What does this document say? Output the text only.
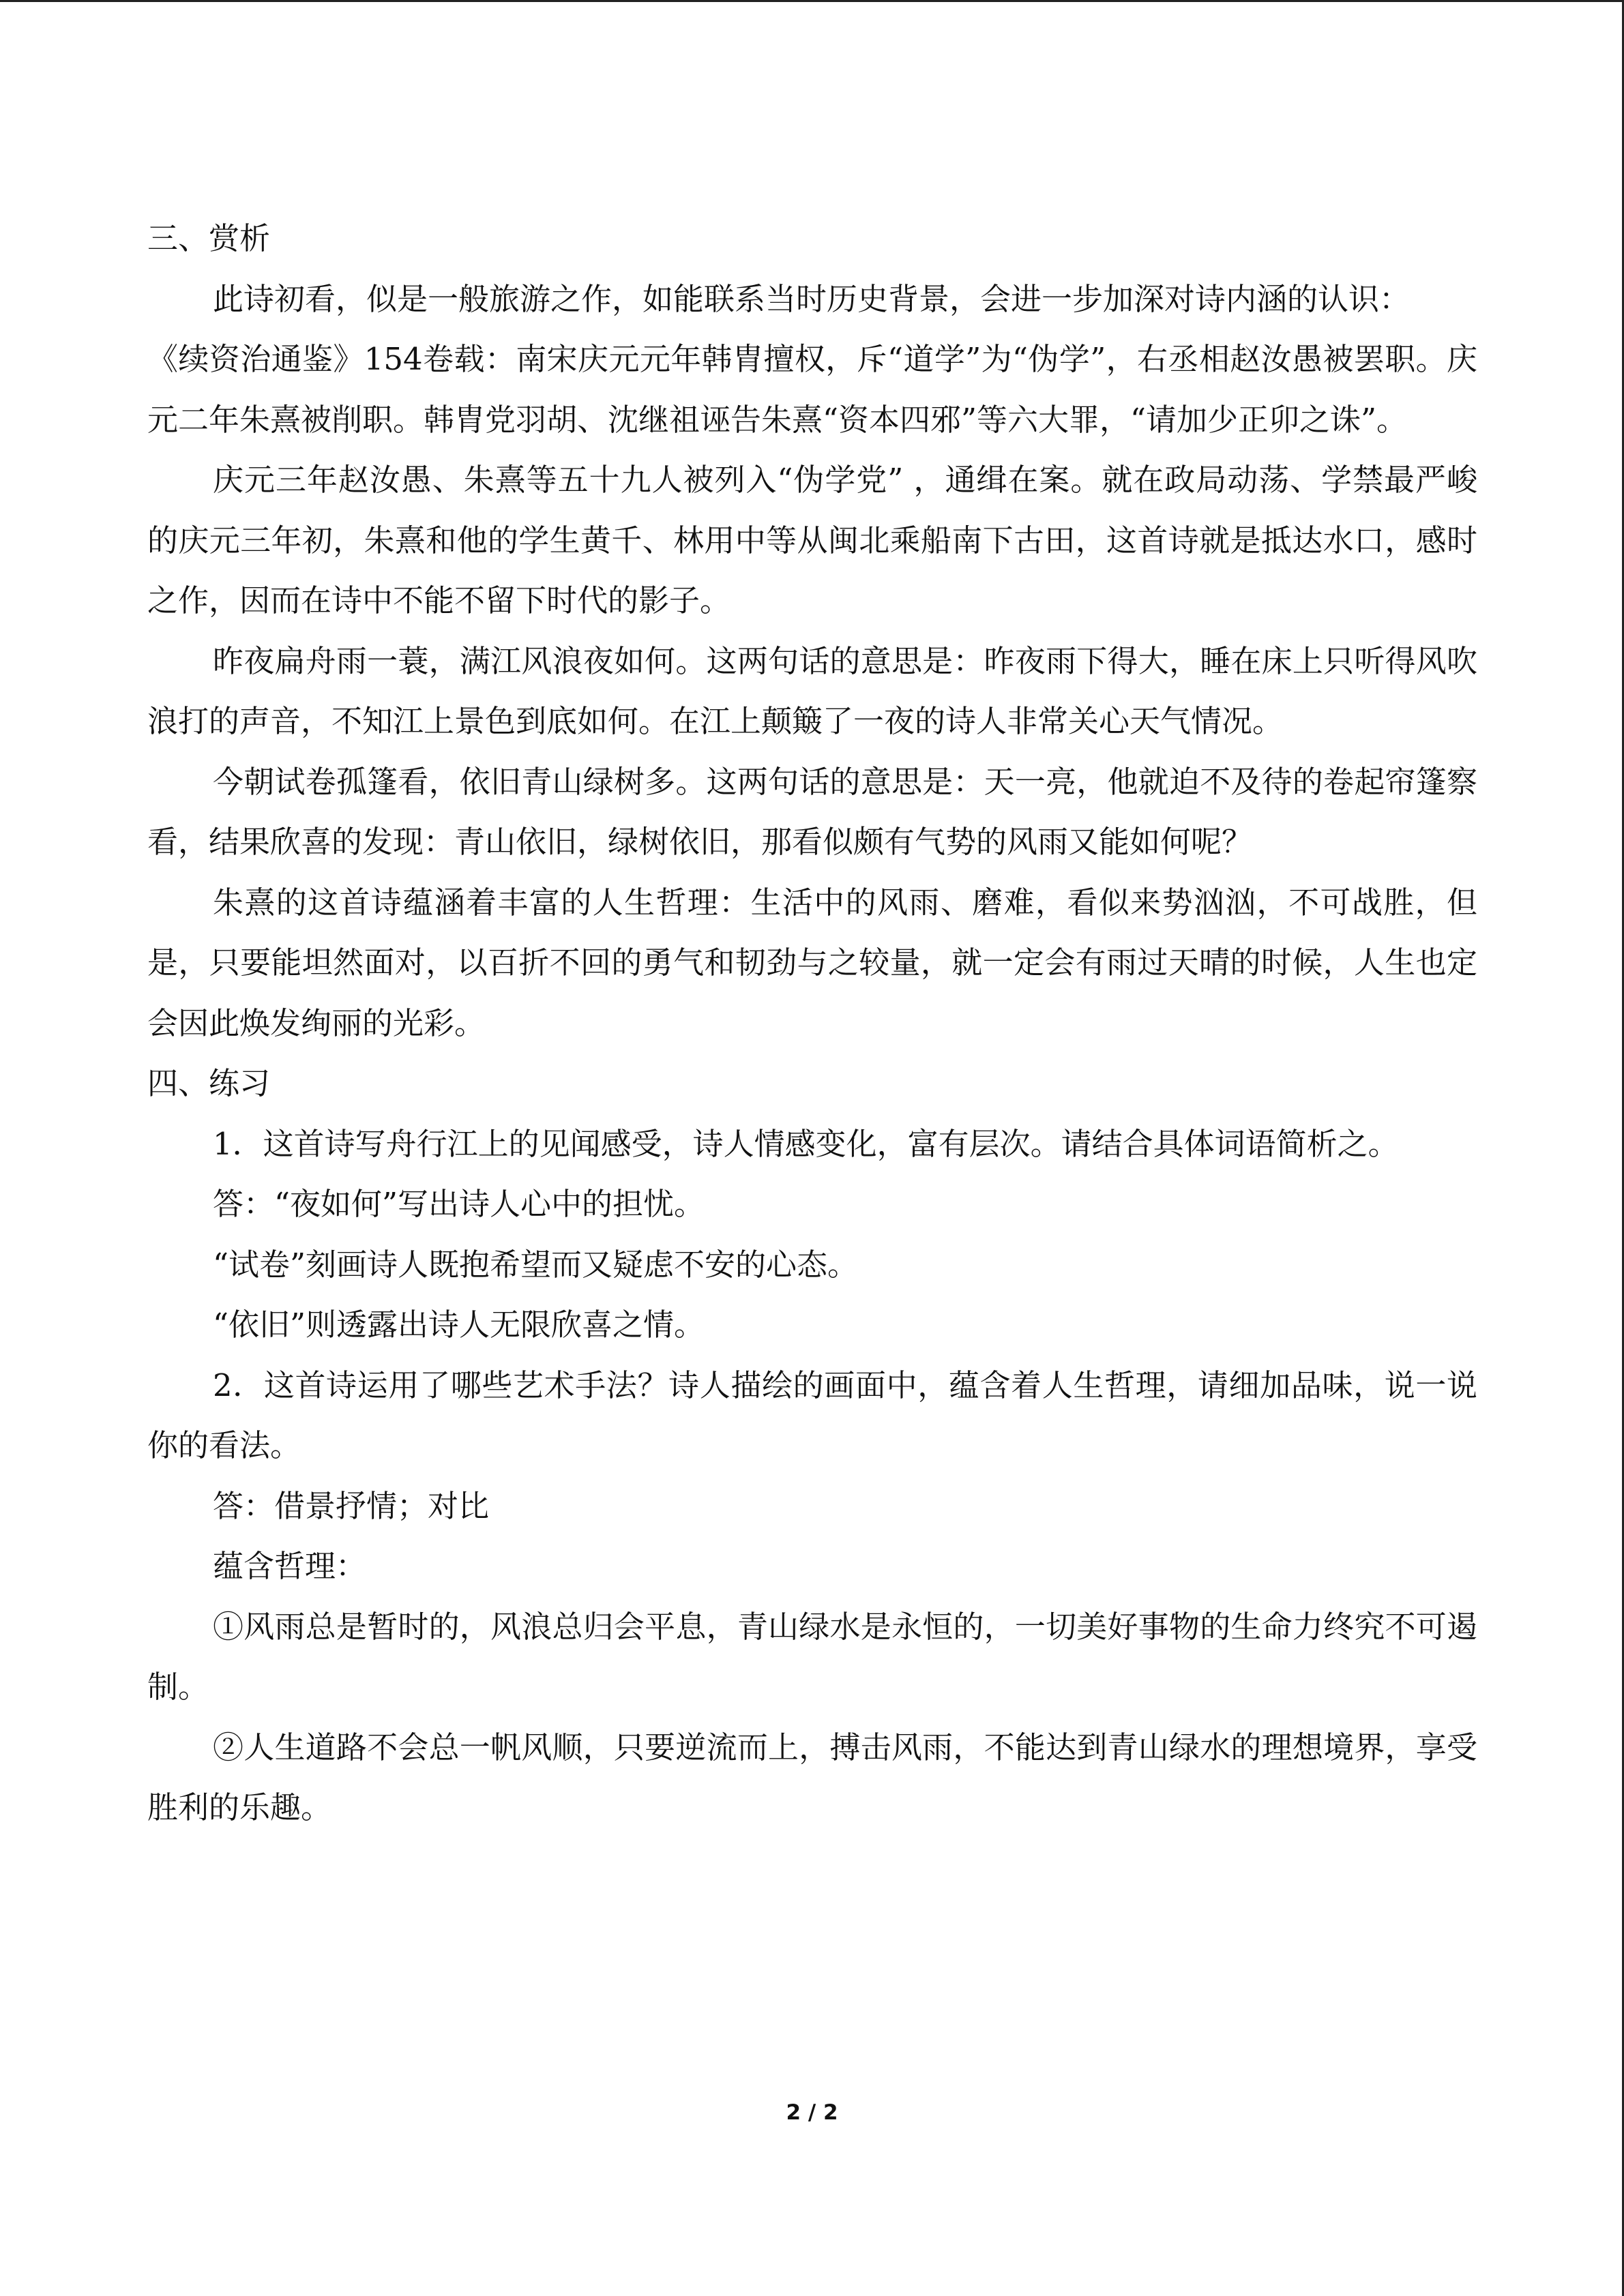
三、赏析

此诗初看，似是一般旅游之作，如能联系当时历史背景，会进一步加深对诗内涵的认识：

《续资治通鉴》154卷载：南宋庆元元年韩胄擅权，斥“道学”为“伪学”，右丞相赵汝愚被罢职。庆元二年朱熹被削职。韩胄党羽胡、沈继祖诬告朱熹“资本四邪”等六大罪，“请加少正卯之诛”。

庆元三年赵汝愚、朱熹等五十九人被列入“伪学党” ，通缉在案。就在政局动荡、学禁最严峻的庆元三年初，朱熹和他的学生黄千、林用中等从闽北乘船南下古田，这首诗就是抵达水口，感时之作，因而在诗中不能不留下时代的影子。

昨夜扁舟雨一蓑，满江风浪夜如何。这两句话的意思是：昨夜雨下得大，睡在床上只听得风吹浪打的声音，不知江上景色到底如何。在江上颠簸了一夜的诗人非常关心天气情况。

今朝试卷孤篷看，依旧青山绿树多。这两句话的意思是：天一亮，他就迫不及待的卷起帘篷察看，结果欣喜的发现：青山依旧，绿树依旧，那看似颇有气势的风雨又能如何呢？

朱熹的这首诗蕴涵着丰富的人生哲理：生活中的风雨、磨难，看似来势汹汹，不可战胜，但是，只要能坦然面对，以百折不回的勇气和韧劲与之较量，就一定会有雨过天晴的时候，人生也定会因此焕发绚丽的光彩。

四、练习

1．这首诗写舟行江上的见闻感受，诗人情感变化，富有层次。请结合具体词语简析之。

答：“夜如何”写出诗人心中的担忧。

“试卷”刻画诗人既抱希望而又疑虑不安的心态。

“依旧”则透露出诗人无限欣喜之情。

2．这首诗运用了哪些艺术手法？诗人描绘的画面中，蕴含着人生哲理，请细加品味，说一说你的看法。

答：借景抒情；对比

蕴含哲理：

①风雨总是暂时的，风浪总归会平息，青山绿水是永恒的，一切美好事物的生命力终究不可遏制。

②人生道路不会总一帆风顺，只要逆流而上，搏击风雨，不能达到青山绿水的理想境界，享受胜利的乐趣。

2 / 2
